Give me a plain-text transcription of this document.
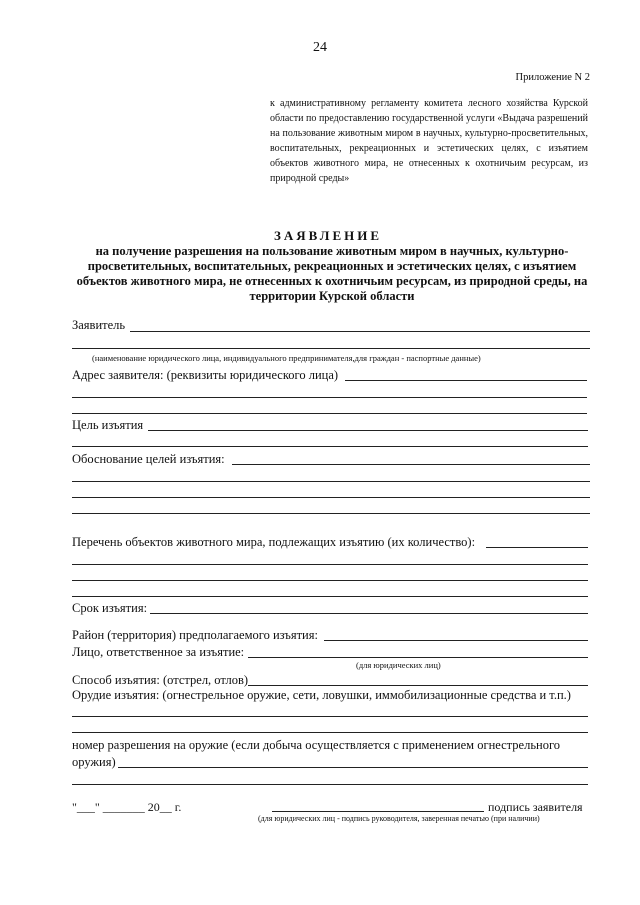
24
Приложение N 2
к административному регламенту комитета лесного хозяйства Курской области по предоставлению государственной услуги «Выдача разрешений на пользование животным миром в научных, культурно-просветительных, воспитательных, рекреационных и эстетических целях, с изъятием объектов животного мира, не отнесенных к охотничьим ресурсам, из природной среды»
ЗАЯВЛЕНИЕ
на получение разрешения на пользование животным миром в научных, культурно-просветительных, воспитательных, рекреационных и эстетических целях, с изъятием объектов животного мира, не отнесенных к охотничьим ресурсам, из природной среды, на территории Курской области
Заявитель
(наименование юридического лица, индивидуального предпринимателя,для граждан - паспортные данные)
Адрес заявителя: (реквизиты юридического лица)
Цель изъятия
Обоснование целей изъятия:
Перечень объектов животного мира, подлежащих изъятию (их количество):
Срок изъятия:
Район (территория) предполагаемого изъятия:
Лицо, ответственное за изъятие:
(для юридических лиц)
Способ изъятия: (отстрел, отлов)
Орудие изъятия: (огнестрельное оружие, сети, ловушки, иммобилизационные средства и т.п.)
номер разрешения на оружие (если добыча осуществляется с применением огнестрельного
оружия)
"___" _______ 20__ г.	подпись заявителя
(для юридических лиц - подпись руководителя, заверенная печатью (при наличии)
